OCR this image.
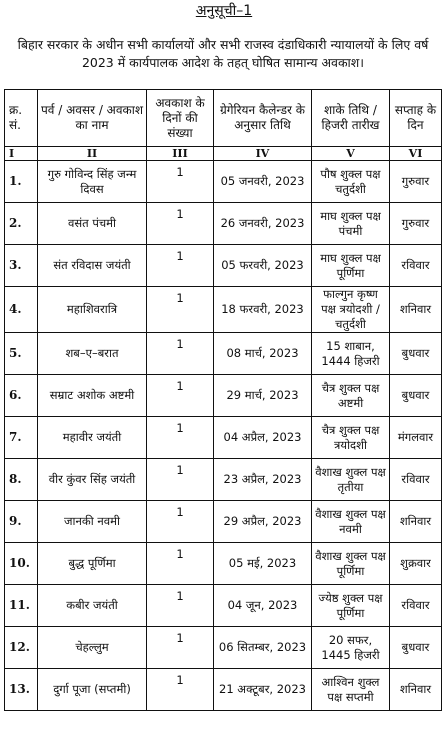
अनुसूची–1
बिहार सरकार के अधीन सभी कार्यालयों और सभी राजस्व दंडाधिकारी न्यायालयों के लिए वर्ष 2023 में कार्यपालक आदेश के तहत् घोषित सामान्य अवकाश।
क्र. सं.	पर्व / अवसर / अवकाश का नाम	अवकाश के दिनों की संख्या	ग्रेगेरियन कैलेन्डर के अनुसार तिथि	शाके तिथि / हिजरी तारीख	सप्ताह के दिन
I	II	III	IV	V	VI
1.	गुरु गोविन्द सिंह जन्म दिवस	1	05 जनवरी, 2023	पौष शुक्ल पक्ष चतुर्दशी	गुरुवार
2.	वसंत पंचमी	1	26 जनवरी, 2023	माघ शुक्ल पक्ष पंचमी	गुरुवार
3.	संत रविदास जयंती	1	05 फरवरी, 2023	माघ शुक्ल पक्ष पूर्णिमा	रविवार
4.	महाशिवरात्रि	1	18 फरवरी, 2023	फाल्गुन कृष्ण पक्ष त्रयोदशी / चतुर्दशी	शनिवार
5.	शब–ए–बरात	1	08 मार्च, 2023	15 शाबान, 1444 हिजरी	बुधवार
6.	सम्राट अशोक अष्टमी	1	29 मार्च, 2023	चैत्र शुक्ल पक्ष अष्टमी	बुधवार
7.	महावीर जयंती	1	04 अप्रैल, 2023	चैत्र शुक्ल पक्ष त्रयोदशी	मंगलवार
8.	वीर कुंवर सिंह जयंती	1	23 अप्रैल, 2023	वैशाख शुक्ल पक्ष तृतीया	रविवार
9.	जानकी नवमी	1	29 अप्रैल, 2023	वैशाख शुक्ल पक्ष नवमी	शनिवार
10.	बुद्ध पूर्णिमा	1	05 मई, 2023	वैशाख शुक्ल पक्ष पूर्णिमा	शुक्रवार
11.	कबीर जयंती	1	04 जून, 2023	ज्येष्ठ शुक्ल पक्ष पूर्णिमा	रविवार
12.	चेहल्लुम	1	06 सितम्बर, 2023	20 सफर, 1445 हिजरी	बुधवार
13.	दुर्गा पूजा (सप्तमी)	1	21 अक्टूबर, 2023	आश्विन शुक्ल पक्ष सप्तमी	शनिवार
